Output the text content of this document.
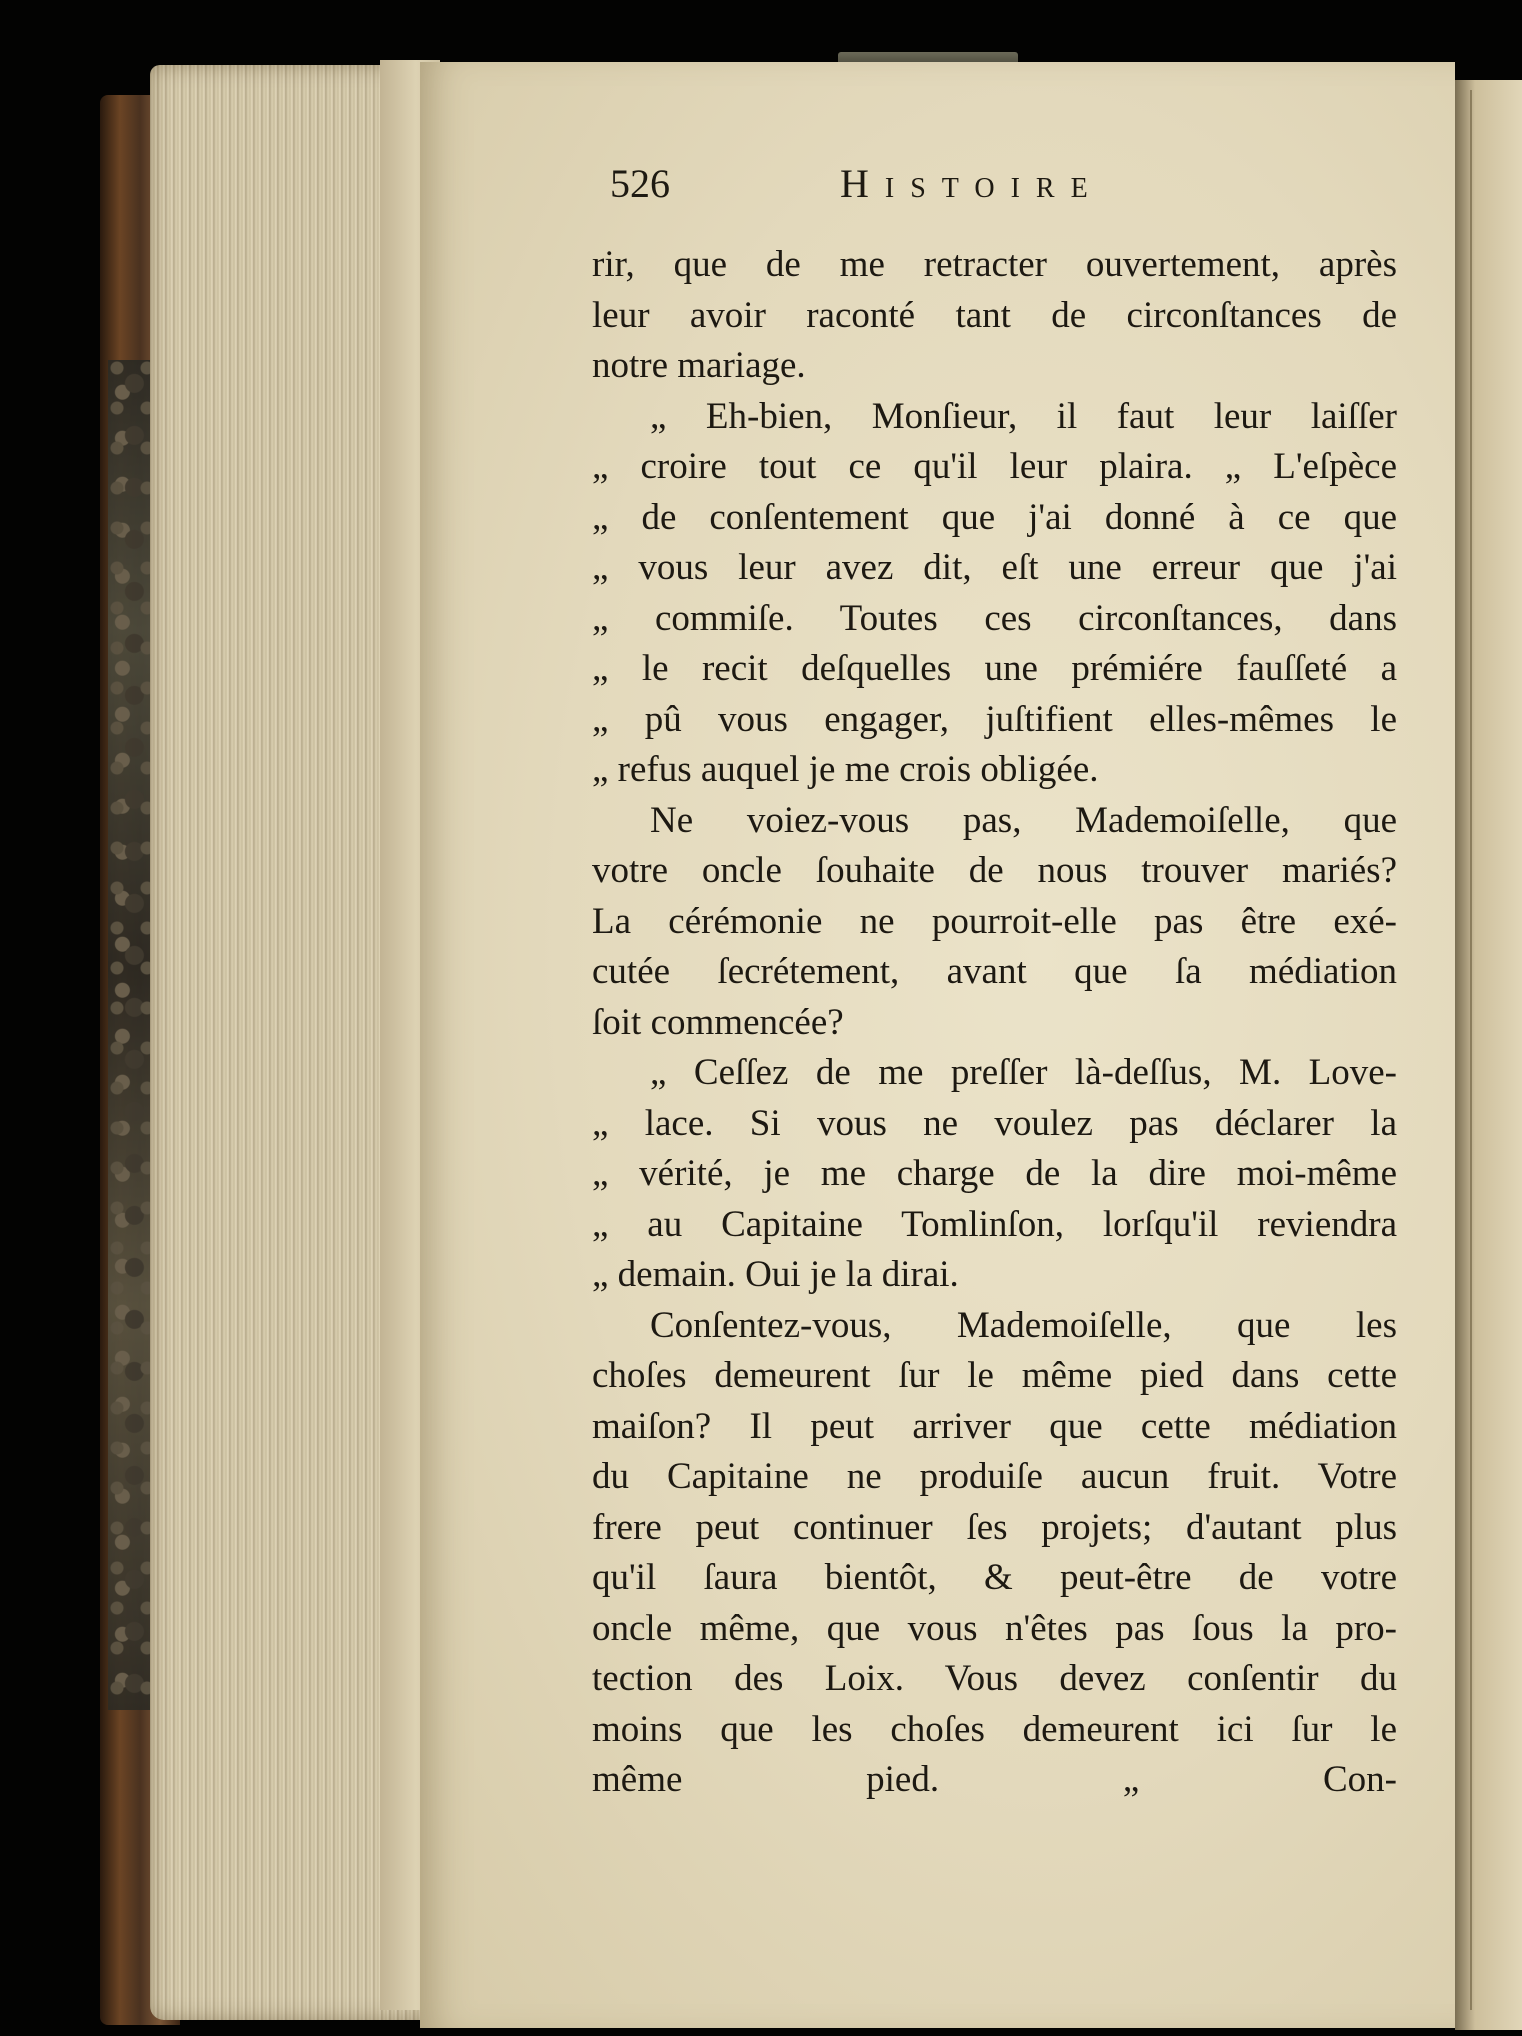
526	Histoire
rir, que de me retracter ouvertement, après
leur avoir raconté tant de circonſtances de
notre mariage.
„ Eh-bien, Monſieur, il faut leur laiſſer
„ croire tout ce qu'il leur plaira. „ L'eſpèce
„ de conſentement que j'ai donné à ce que
„ vous leur avez dit, eſt une erreur que j'ai
„ commiſe. Toutes ces circonſtances, dans
„ le recit deſquelles une prémiére fauſſeté a
„ pû vous engager, juſtifient elles-mêmes le
„ refus auquel je me crois obligée.
Ne voiez-vous pas, Mademoiſelle, que
votre oncle ſouhaite de nous trouver mariés?
La cérémonie ne pourroit-elle pas être exé-
cutée ſecrétement, avant que ſa médiation
ſoit commencée?
„ Ceſſez de me preſſer là-deſſus, M. Love-
„ lace. Si vous ne voulez pas déclarer la
„ vérité, je me charge de la dire moi-même
„ au Capitaine Tomlinſon, lorſqu'il reviendra
„ demain. Oui je la dirai.
Conſentez-vous, Mademoiſelle, que les
choſes demeurent ſur le même pied dans cette
maiſon? Il peut arriver que cette médiation
du Capitaine ne produiſe aucun fruit. Votre
frere peut continuer ſes projets; d'autant plus
qu'il ſaura bientôt, & peut-être de votre
oncle même, que vous n'êtes pas ſous la pro-
tection des Loix. Vous devez conſentir du
moins que les choſes demeurent ici ſur le
même pied. „ Con-
